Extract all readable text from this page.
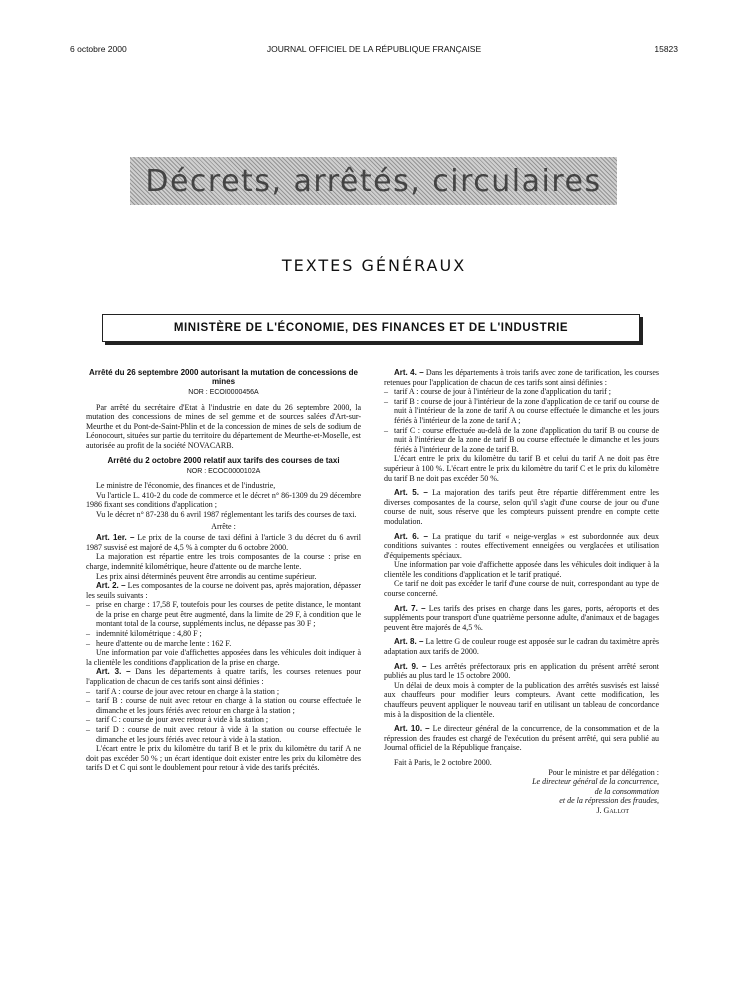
6 octobre 2000	JOURNAL OFFICIEL DE LA RÉPUBLIQUE FRANÇAISE	15823
Décrets, arrêtés, circulaires
TEXTES GÉNÉRAUX
MINISTÈRE DE L'ÉCONOMIE, DES FINANCES ET DE L'INDUSTRIE

Arrêté du 26 septembre 2000 autorisant la mutation de concessions de mines

NOR : ECOI0000456A

Par arrêté du secrétaire d'Etat à l'industrie en date du 26 septembre 2000, la mutation des concessions de mines de sel gemme et de sources salées d'Art-sur-Meurthe et du Pont-de-Saint-Phlin et de la concession de mines de sels de sodium de Léonocourt, situées sur partie du territoire du département de Meurthe-et-Moselle, est autorisée au profit de la société NOVACARB.

Arrêté du 2 octobre 2000 relatif aux tarifs des courses de taxi

NOR : ECOC0000102A

Le ministre de l'économie, des finances et de l'industrie,

Vu l'article L. 410-2 du code de commerce et le décret n° 86-1309 du 29 décembre 1986 fixant ses conditions d'application ;

Vu le décret n° 87-238 du 6 avril 1987 réglementant les tarifs des courses de taxi.

Arrête :

Art. 1er. – Le prix de la course de taxi défini à l'article 3 du décret du 6 avril 1987 susvisé est majoré de 4,5 % à compter du 6 octobre 2000.

La majoration est répartie entre les trois composantes de la course : prise en charge, indemnité kilométrique, heure d'attente ou de marche lente.

Les prix ainsi déterminés peuvent être arrondis au centime supérieur.

Art. 2. – Les composantes de la course ne doivent pas, après majoration, dépasser les seuils suivants :

– prise en charge : 17,58 F, toutefois pour les courses de petite distance, le montant de la prise en charge peut être augmenté, dans la limite de 29 F, à condition que le montant total de la course, suppléments inclus, ne dépasse pas 30 F ;

– indemnité kilométrique : 4,80 F ;

– heure d'attente ou de marche lente : 162 F.

Une information par voie d'affichettes apposées dans les véhicules doit indiquer à la clientèle les conditions d'application de la prise en charge.

Art. 3. – Dans les départements à quatre tarifs, les courses retenues pour l'application de chacun de ces tarifs sont ainsi définies :

– tarif A : course de jour avec retour en charge à la station ;

– tarif B : course de nuit avec retour en charge à la station ou course effectuée le dimanche et les jours fériés avec retour en charge à la station ;

– tarif C : course de jour avec retour à vide à la station ;

– tarif D : course de nuit avec retour à vide à la station ou course effectuée le dimanche et les jours fériés avec retour à vide à la station.

L'écart entre le prix du kilomètre du tarif B et le prix du kilomètre du tarif A ne doit pas excéder 50 % ; un écart identique doit exister entre les prix du kilomètre des tarifs D et C qui sont le doublement pour retour à vide des tarifs précités.

Art. 4. – Dans les départements à trois tarifs avec zone de tarification, les courses retenues pour l'application de chacun de ces tarifs sont ainsi définies :

– tarif A : course de jour à l'intérieur de la zone d'application du tarif ;

– tarif B : course de jour à l'intérieur de la zone d'application de ce tarif ou course de nuit à l'intérieur de la zone de tarif A ou course effectuée le dimanche et les jours fériés à l'intérieur de la zone de tarif A ;

– tarif C : course effectuée au-delà de la zone d'application du tarif B ou course de nuit à l'intérieur de la zone de tarif B ou course effectuée le dimanche et les jours fériés à l'intérieur de la zone de tarif B.

L'écart entre le prix du kilomètre du tarif B et celui du tarif A ne doit pas être supérieur à 100 %. L'écart entre le prix du kilomètre du tarif C et le prix du kilomètre du tarif B ne doit pas excéder 50 %.

Art. 5. – La majoration des tarifs peut être répartie différemment entre les diverses composantes de la course, selon qu'il s'agit d'une course de jour ou d'une course de nuit, sous réserve que les compteurs puissent prendre en compte cette modulation.

Art. 6. – La pratique du tarif « neige-verglas » est subordonnée aux deux conditions suivantes : routes effectivement enneigées ou verglacées et utilisation d'équipements spéciaux.

Une information par voie d'affichette apposée dans les véhicules doit indiquer à la clientèle les conditions d'application et le tarif pratiqué.

Ce tarif ne doit pas excéder le tarif d'une course de nuit, correspondant au type de course concerné.

Art. 7. – Les tarifs des prises en charge dans les gares, ports, aéroports et des suppléments pour transport d'une quatrième personne adulte, d'animaux et de bagages peuvent être majorés de 4,5 %.

Art. 8. – La lettre G de couleur rouge est apposée sur le cadran du taximètre après adaptation aux tarifs de 2000.

Art. 9. – Les arrêtés préfectoraux pris en application du présent arrêté seront publiés au plus tard le 15 octobre 2000.

Un délai de deux mois à compter de la publication des arrêtés susvisés est laissé aux chauffeurs pour modifier leurs compteurs. Avant cette modification, les chauffeurs peuvent appliquer le nouveau tarif en utilisant un tableau de concordance mis à la disposition de la clientèle.

Art. 10. – Le directeur général de la concurrence, de la consommation et de la répression des fraudes est chargé de l'exécution du présent arrêté, qui sera publié au Journal officiel de la République française.

Fait à Paris, le 2 octobre 2000.

Pour le ministre et par délégation :

Le directeur général de la concurrence,

de la consommation

et de la répression des fraudes,

J. Gallot
